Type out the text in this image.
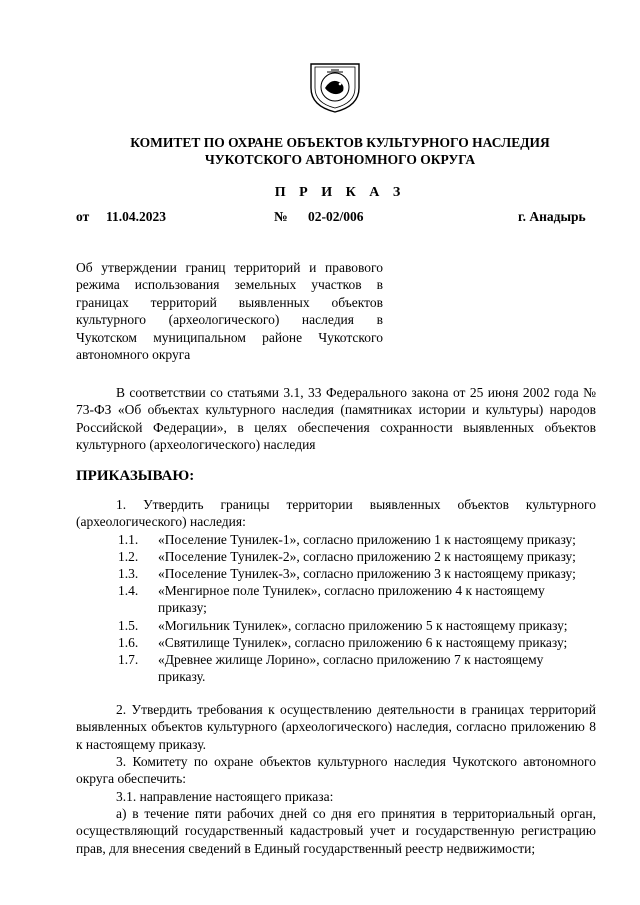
КОМИТЕТ ПО ОХРАНЕ ОБЪЕКТОВ КУЛЬТУРНОГО НАСЛЕДИЯ
ЧУКОТСКОГО АВТОНОМНОГО ОКРУГА
П Р И К А З
от 11.04.2023	№ 02-02/006	г. Анадырь
Об утверждении границ территорий и правового
режима использования земельных участков в
границах территорий выявленных объектов
культурного (археологического) наследия в
Чукотском муниципальном районе Чукотского
автономного округа

В соответствии со статьями 3.1, 33 Федерального закона от 25 июня 2002 года № 73-ФЗ «Об объектах культурного наследия (памятниках истории и культуры) народов Российской Федерации», в целях обеспечения сохранности выявленных объектов культурного (археологического) наследия

ПРИКАЗЫВАЮ:

1. Утвердить границы территории выявленных объектов культурного (археологического) наследия:

1.1. «Поселение Тунилек-1», согласно приложению 1 к настоящему приказу;
1.2. «Поселение Тунилек-2», согласно приложению 2 к настоящему приказу;
1.3. «Поселение Тунилек-3», согласно приложению 3 к настоящему приказу;
1.4. «Менгирное поле Тунилек», согласно приложению 4 к настоящему приказу;
1.5. «Могильник Тунилек», согласно приложению 5 к настоящему приказу;
1.6. «Святилище Тунилек», согласно приложению 6 к настоящему приказу;
1.7. «Древнее жилище Лорино», согласно приложению 7 к настоящему приказу.

2. Утвердить требования к осуществлению деятельности в границах территорий выявленных объектов культурного (археологического) наследия, согласно приложению 8 к настоящему приказу.

3. Комитету по охране объектов культурного наследия Чукотского автономного округа обеспечить:

3.1. направление настоящего приказа:

а) в течение пяти рабочих дней со дня его принятия в территориальный орган, осуществляющий государственный кадастровый учет и государственную регистрацию прав, для внесения сведений в Единый государственный реестр недвижимости;
